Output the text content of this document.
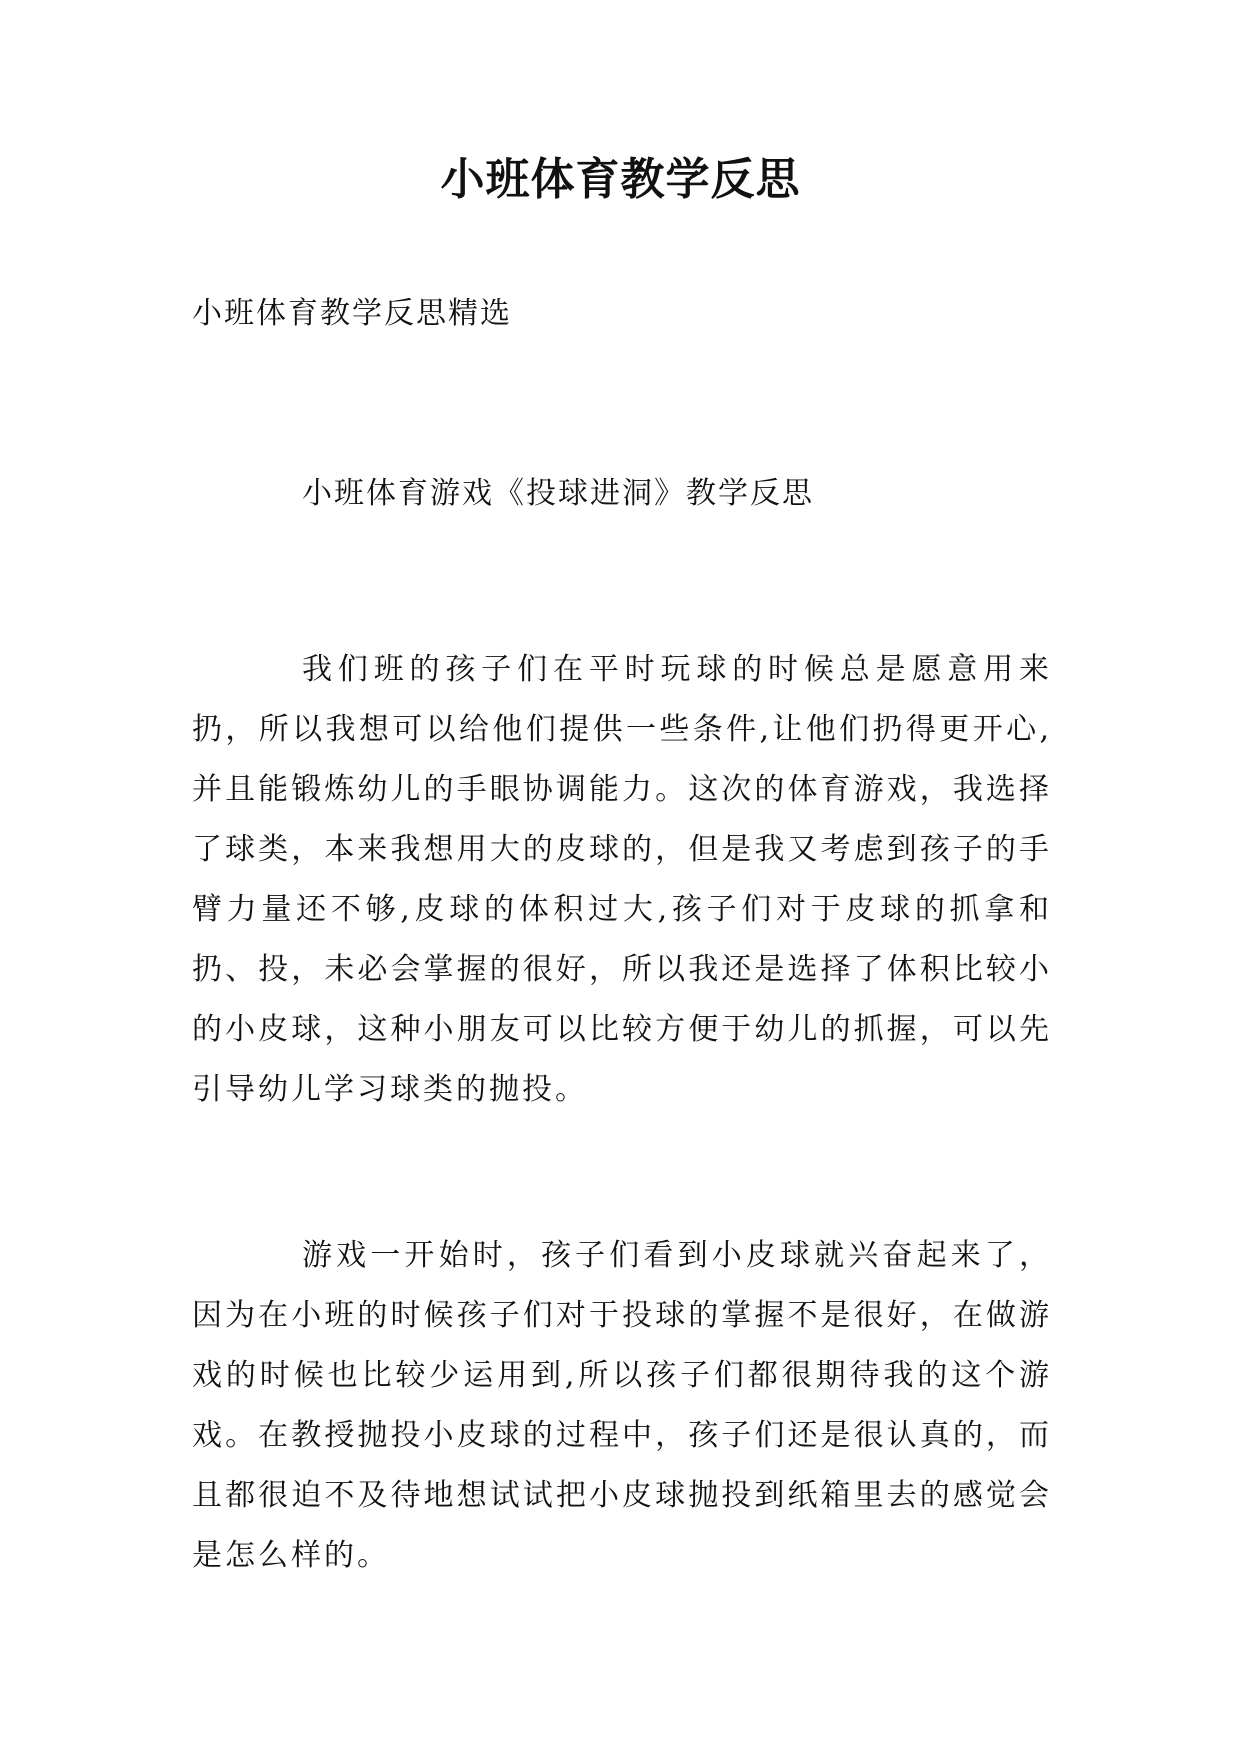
小班体育教学反思
小班体育教学反思精选
小班体育游戏《投球进洞》教学反思

我们班的孩子们在平时玩球的时候总是愿意用来扔，所以我想可以给他们提供一些条件,让他们扔得更开心,并且能锻炼幼儿的手眼协调能力。这次的体育游戏，我选择了球类，本来我想用大的皮球的，但是我又考虑到孩子的手臂力量还不够,皮球的体积过大,孩子们对于皮球的抓拿和扔、投，未必会掌握的很好，所以我还是选择了体积比较小的小皮球，这种小朋友可以比较方便于幼儿的抓握，可以先引导幼儿学习球类的抛投。

游戏一开始时，孩子们看到小皮球就兴奋起来了，因为在小班的时候孩子们对于投球的掌握不是很好，在做游戏的时候也比较少运用到,所以孩子们都很期待我的这个游戏。在教授抛投小皮球的过程中，孩子们还是很认真的，而且都很迫不及待地想试试把小皮球抛投到纸箱里去的感觉会是怎么样的。
